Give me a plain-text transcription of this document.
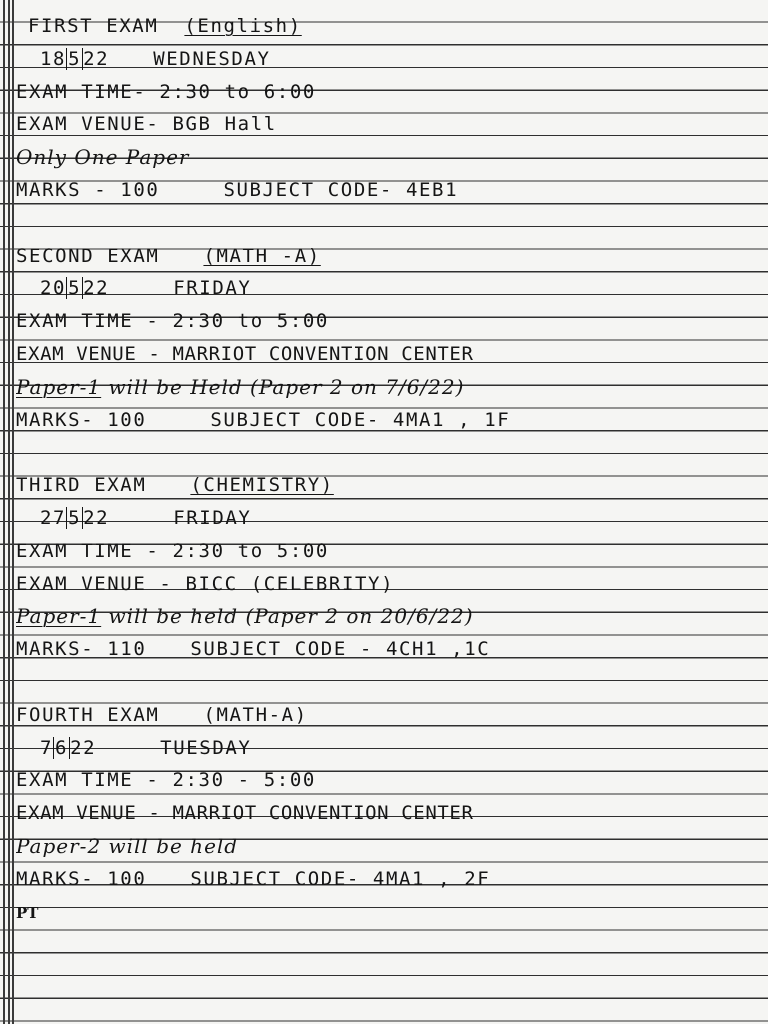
FIRST EXAM (English)
18 5 22 WEDNESDAY
EXAM TIME- 2:30 to 6:00
EXAM VENUE- BGB Hall
Only One Paper
MARKS - 100	SUBJECT CODE- 4EB1
SECOND EXAM (MATH -A)
20 5 22	FRIDAY
EXAM TIME - 2:30 to 5:00
EXAM VENUE - MARRIOT CONVENTION CENTER
Paper-1 will be Held (Paper 2 on 7/6/22)
MARKS- 100	SUBJECT CODE- 4MA1 , 1F
THIRD EXAM (CHEMISTRY)
27 5 22	FRIDAY
EXAM TIME - 2:30 to 5:00
EXAM VENUE - BICC (CELEBRITY)
Paper-1 will be held (Paper 2 on 20/6/22)
MARKS- 110 SUBJECT CODE - 4CH1 ,1C
FOURTH EXAM (MATH-A)
7 6 22	TUESDAY
EXAM TIME - 2:30 - 5:00
EXAM VENUE - MARRIOT CONVENTION CENTER
Paper-2 will be held
MARKS- 100 SUBJECT CODE- 4MA1 , 2F
PT
